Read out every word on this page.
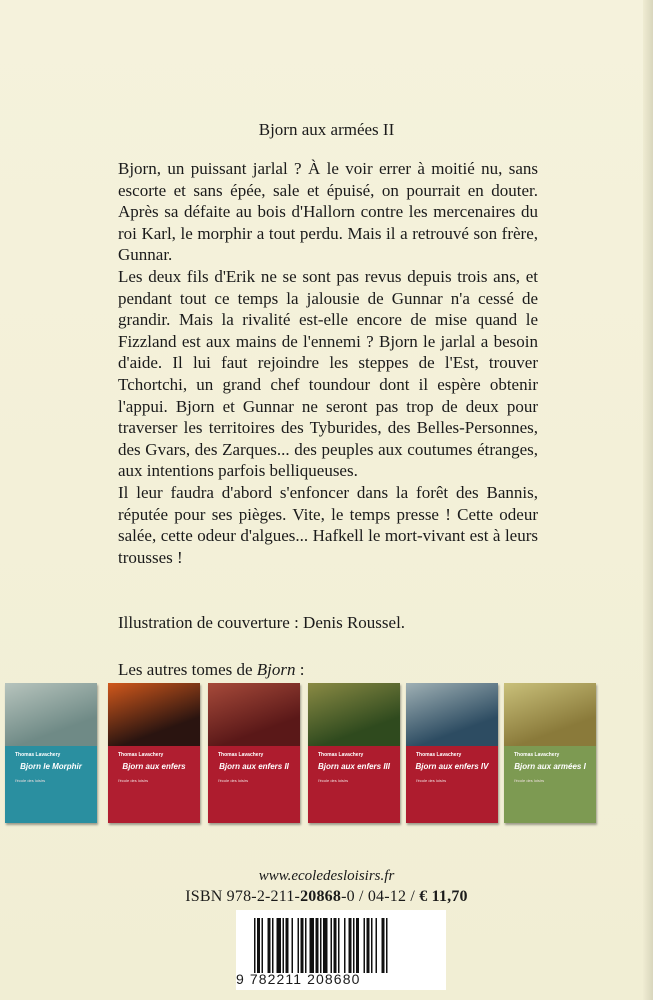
Bjorn aux armées II

Bjorn, un puissant jarlal ? À le voir errer à moitié nu, sans escorte et sans épée, sale et épuisé, on pourrait en douter. Après sa défaite au bois d'Hallorn contre les mercenaires du roi Karl, le morphir a tout perdu. Mais il a retrouvé son frère, Gunnar.

Les deux fils d'Erik ne se sont pas revus depuis trois ans, et pendant tout ce temps la jalousie de Gunnar n'a cessé de grandir. Mais la rivalité est-elle encore de mise quand le Fizzland est aux mains de l'ennemi ? Bjorn le jarlal a besoin d'aide. Il lui faut rejoindre les steppes de l'Est, trouver Tchortchi, un grand chef toundour dont il espère obtenir l'appui. Bjorn et Gunnar ne seront pas trop de deux pour traverser les territoires des Tyburides, des Belles-Personnes, des Gvars, des Zarques... des peuples aux coutumes étranges, aux intentions parfois belliqueuses.

Il leur faudra d'abord s'enfoncer dans la forêt des Bannis, réputée pour ses pièges. Vite, le temps presse ! Cette odeur salée, cette odeur d'algues... Hafkell le mort-vivant est à leurs trousses !

Illustration de couverture : Denis Roussel.
Les autres tomes de Bjorn :
Thomas Lavachery
Bjorn le Morphir
l'école des loisirs
Thomas Lavachery
Bjorn aux enfers
l'école des loisirs
Thomas Lavachery
Bjorn aux enfers II
l'école des loisirs
Thomas Lavachery
Bjorn aux enfers III
l'école des loisirs
Thomas Lavachery
Bjorn aux enfers IV
l'école des loisirs
Thomas Lavachery
Bjorn aux armées I
l'école des loisirs
www.ecoledesloisirs.fr
ISBN 978-2-211-20868-0 / 04-12 / € 11,70
9 782211 208680
